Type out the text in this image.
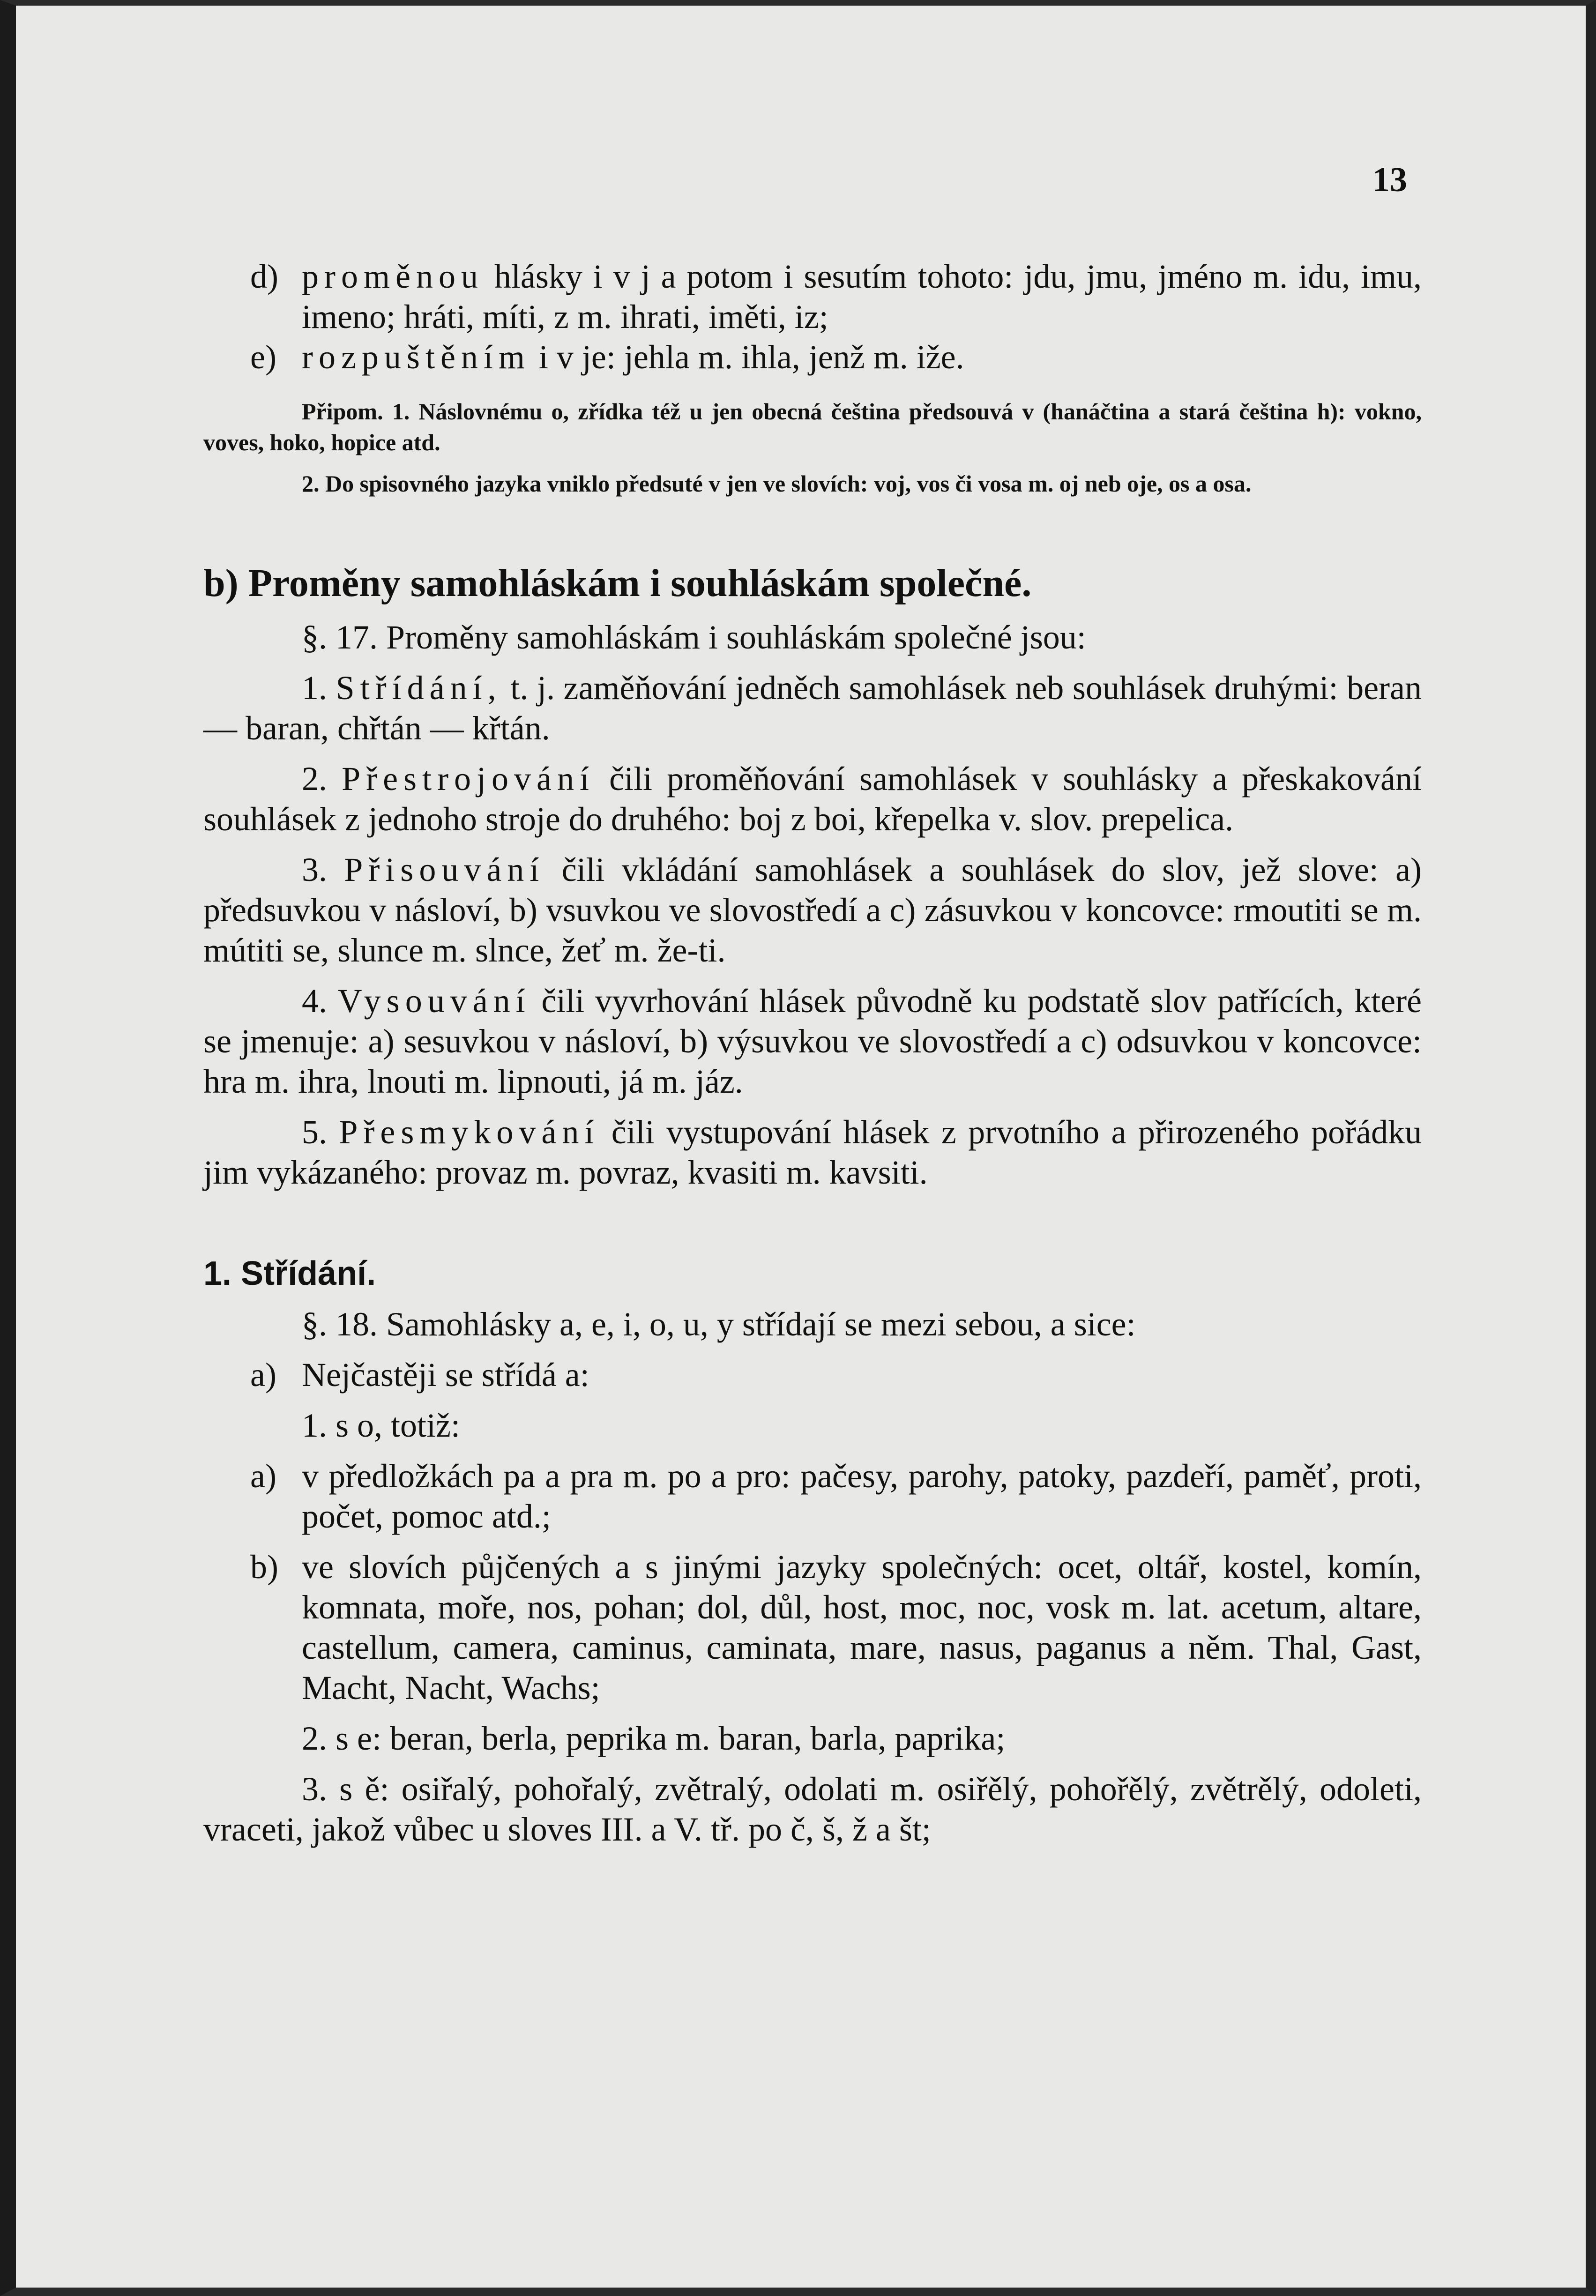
13

d) proměnou hlásky i v j a potom i sesutím tohoto: jdu, jmu, jméno m. idu, imu, imeno; hráti, míti, z m. ihrati, iměti, iz;

e) rozpuštěním i v je: jehla m. ihla, jenž m. iže.

Připom. 1. Náslovnému o, zřídka též u jen obecná čeština předsouvá v (hanáčtina a stará čeština h): vokno, voves, hoko, hopice atd.

2. Do spisovného jazyka vniklo předsuté v jen ve slovích: voj, vos či vosa m. oj neb oje, os a osa.

b) Proměny samohláskám i souhláskám společné.

§. 17. Proměny samohláskám i souhláskám společné jsou:

1. Střídání, t. j. zaměňování jedněch samohlásek neb souhlásek druhými: beran — baran, chřtán — křtán.

2. Přestrojování čili proměňování samohlásek v souhlásky a přeskakování souhlásek z jednoho stroje do druhého: boj z boi, křepelka v. slov. prepelica.

3. Přisouvání čili vkládání samohlásek a souhlásek do slov, jež slove: a) předsuvkou v násloví, b) vsuvkou ve slovostředí a c) zásuvkou v koncovce: rmoutiti se m. mútiti se, slunce m. slnce, žeť m. že-ti.

4. Vysouvání čili vyvrhování hlásek původně ku podstatě slov patřících, které se jmenuje: a) sesuvkou v násloví, b) výsuvkou ve slovostředí a c) odsuvkou v koncovce: hra m. ihra, lnouti m. lipnouti, já m. jáz.

5. Přesmykování čili vystupování hlásek z prvotního a přirozeného pořádku jim vykázaného: provaz m. povraz, kvasiti m. kavsiti.

1. Střídání.

§. 18. Samohlásky a, e, i, o, u, y střídají se mezi sebou, a sice:

a) Nejčastěji se střídá a:

1. s o, totiž:

a) v předložkách pa a pra m. po a pro: pačesy, parohy, patoky, pazdeří, paměť, proti, počet, pomoc atd.;

b) ve slovích půjčených a s jinými jazyky společných: ocet, oltář, kostel, komín, komnata, moře, nos, pohan; dol, důl, host, moc, noc, vosk m. lat. acetum, altare, castellum, camera, caminus, caminata, mare, nasus, paganus a něm. Thal, Gast, Macht, Nacht, Wachs;

2. s e: beran, berla, peprika m. baran, barla, paprika;

3. s ě: osiřalý, pohořalý, zvětralý, odolati m. osiřělý, pohořělý, zvětrělý, odoleti, vraceti, jakož vůbec u sloves III. a V. tř. po č, š, ž a št;
